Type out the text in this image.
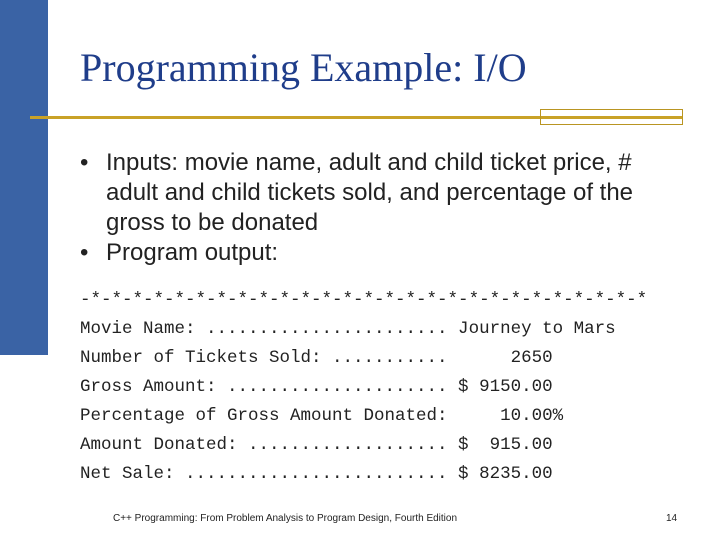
Programming Example: I/O
• Inputs: movie name, adult and child ticket price, # adult and child tickets sold, and percentage of the gross to be donated
• Program output:
-*-*-*-*-*-*-*-*-*-*-*-*-*-*-*-*-*-*-*-*-*-*-*-*-*-*-*
Movie Name: ....................... Journey to Mars
Number of Tickets Sold: ...........      2650
Gross Amount: ..................... $ 9150.00
Percentage of Gross Amount Donated:     10.00%
Amount Donated: ................... $  915.00
Net Sale: ......................... $ 8235.00
C++ Programming: From Problem Analysis to Program Design, Fourth Edition	14
